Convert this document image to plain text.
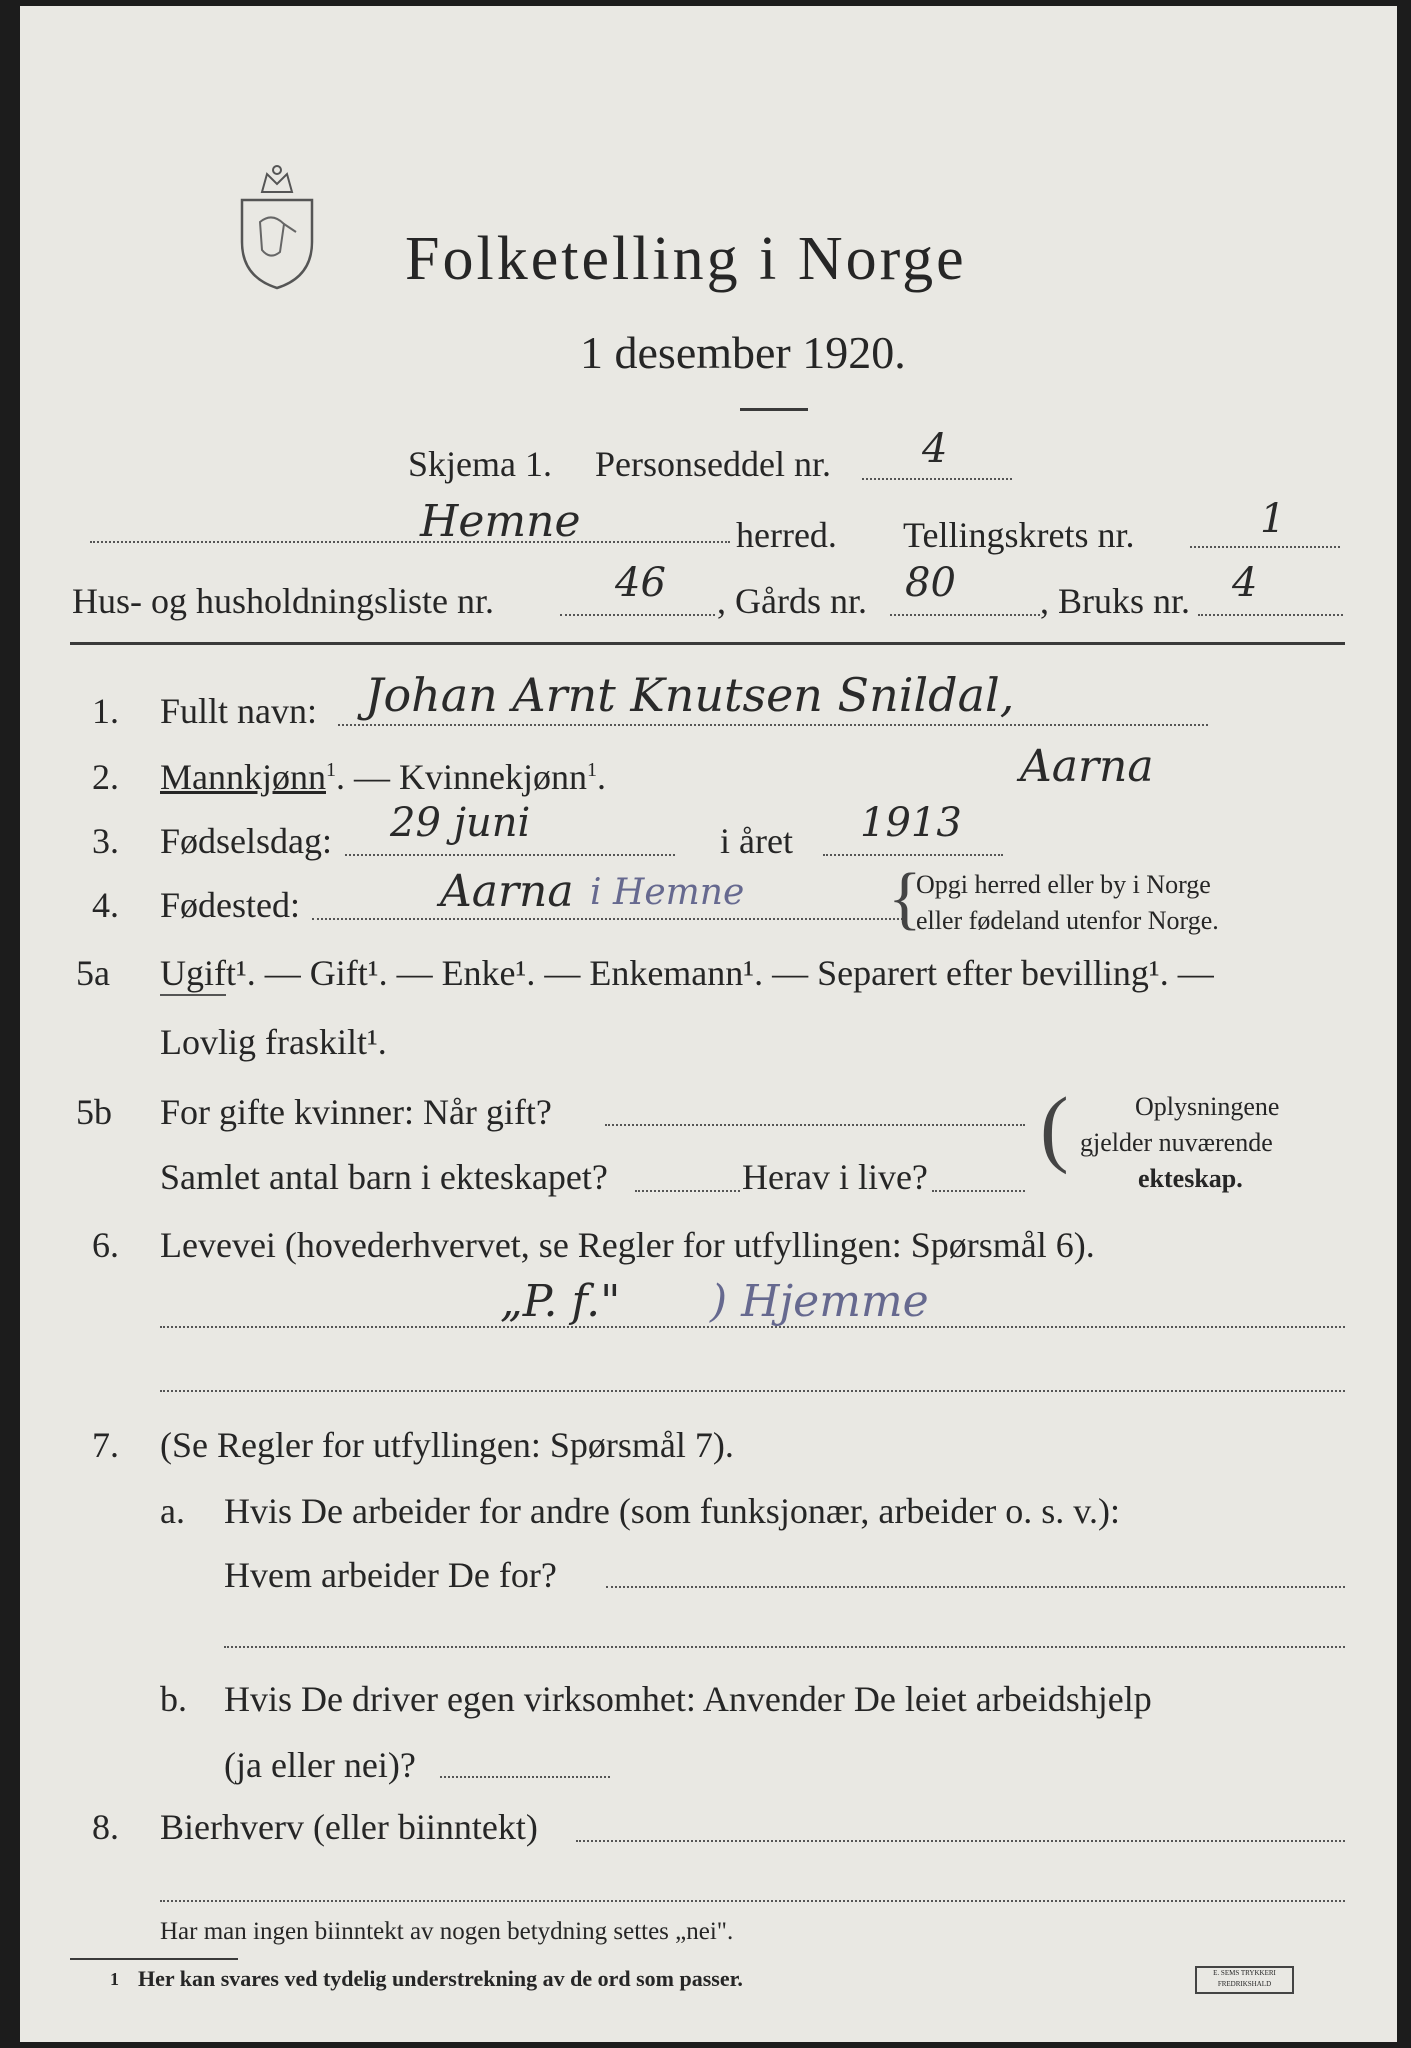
Folketelling i Norge
1 desember 1920.
Skjema 1. Personseddel nr. 4
Hemne	herred. Tellingskrets nr.	1
Hus- og husholdningsliste nr.	46 , Gårds nr. 80 , Bruks nr. 4
1. Fullt navn: Johan Arnt Knutsen Snildal,
2. Mannkjønn$^1$. — Kvinnekjønn$^1$.	Aarna
3. Fødselsdag: 29 juni	i året 1913
4. Fødested:	Aarna i Hemne {
Opgi herred eller by i Norge
eller fødeland utenfor Norge.
5a Ugift¹. — Gift¹. — Enke¹. — Enkemann¹. — Separert efter bevilling¹. —
Lovlig fraskilt¹.
5b For gifte kvinner: Når gift?
Samlet antal barn i ekteskapet?	Herav i live?
(	Oplysningene
gjelder nuværende
ekteskap.
6. Levevei (hovederhvervet, se Regler for utfyllingen: Spørsmål 6).
„P. f." ) Hjemme
7. (Se Regler for utfyllingen: Spørsmål 7).
a. Hvis De arbeider for andre (som funksjonær, arbeider o. s. v.):
Hvem arbeider De for?
b. Hvis De driver egen virksomhet: Anvender De leiet arbeidshjelp
(ja eller nei)?
8. Bierhverv (eller biinntekt)
Har man ingen biinntekt av nogen betydning settes „nei".
1 Her kan svares ved tydelig understrekning av de ord som passer.	E. SEMS TRYKKERI FREDRIKSHALD
